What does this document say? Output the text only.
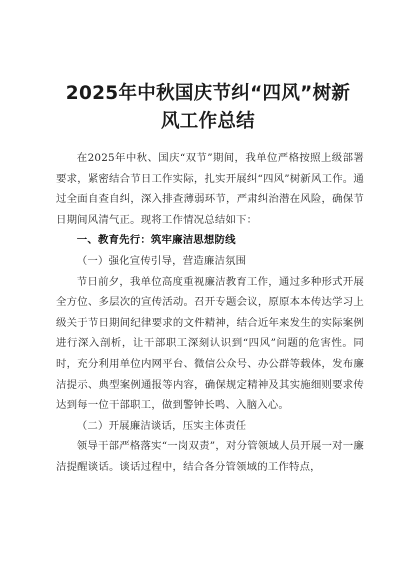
2025年中秋国庆节纠“四风”树新
风工作总结

在2025年中秋、国庆“双节”期间，我单位严格按照上级部署要求，紧密结合节日工作实际，扎实开展纠“四风”树新风工作。通过全面自查自纠，深入排查薄弱环节，严肃纠治潜在风险，确保节日期间风清气正。现将工作情况总结如下：

一、教育先行：筑牢廉洁思想防线

（一）强化宣传引导，营造廉洁氛围

节日前夕，我单位高度重视廉洁教育工作，通过多种形式开展全方位、多层次的宣传活动。召开专题会议，原原本本传达学习上级关于节日期间纪律要求的文件精神，结合近年来发生的实际案例进行深入剖析，让干部职工深刻认识到“四风”问题的危害性。同时，充分利用单位内网平台、微信公众号、办公群等载体，发布廉洁提示、典型案例通报等内容，确保规定精神及其实施细则要求传达到每一位干部职工，做到警钟长鸣、入脑入心。

（二）开展廉洁谈话，压实主体责任

领导干部严格落实“一岗双责”，对分管领域人员开展一对一廉洁提醒谈话。谈话过程中，结合各分管领域的工作特点，
